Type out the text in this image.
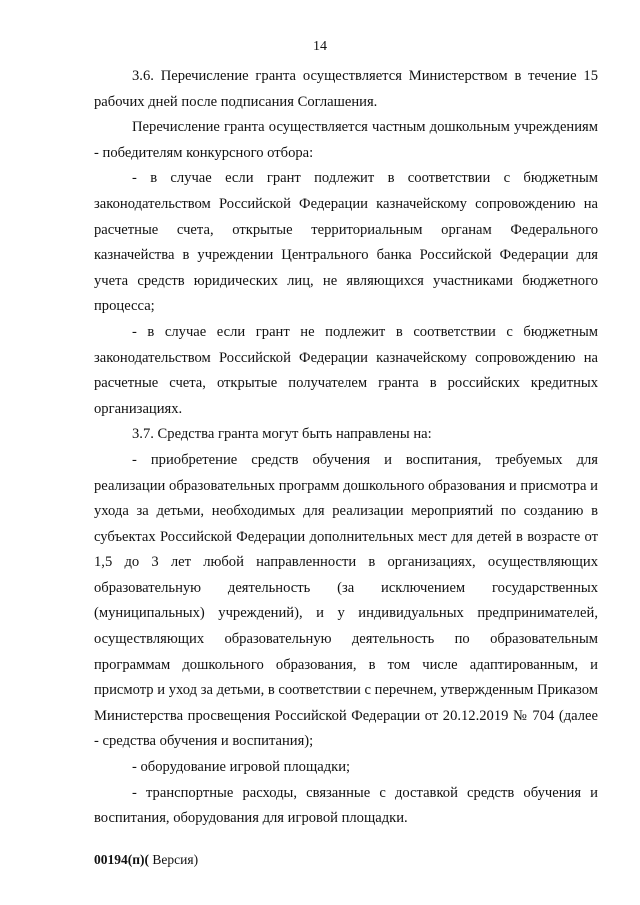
14

3.6. Перечисление гранта осуществляется Министерством в течение 15 рабочих дней после подписания Соглашения.

Перечисление гранта осуществляется частным дошкольным учреждениям - победителям конкурсного отбора:

- в случае если грант подлежит в соответствии с бюджетным законодательством Российской Федерации казначейскому сопровождению на расчетные счета, открытые территориальным органам Федерального казначейства в учреждении Центрального банка Российской Федерации для учета средств юридических лиц, не являющихся участниками бюджетного процесса;

- в случае если грант не подлежит в соответствии с бюджетным законодательством Российской Федерации казначейскому сопровождению на расчетные счета, открытые получателем гранта в российских кредитных организациях.

3.7. Средства гранта могут быть направлены на:

- приобретение средств обучения и воспитания, требуемых для реализации образовательных программ дошкольного образования и присмотра и ухода за детьми, необходимых для реализации мероприятий по созданию в субъектах Российской Федерации дополнительных мест для детей в возрасте от 1,5 до 3 лет любой направленности в организациях, осуществляющих образовательную деятельность (за исключением государственных (муниципальных) учреждений), и у индивидуальных предпринимателей, осуществляющих образовательную деятельность по образовательным программам дошкольного образования, в том числе адаптированным, и присмотр и уход за детьми, в соответствии с перечнем, утвержденным Приказом Министерства просвещения Российской Федерации от 20.12.2019 № 704 (далее - средства обучения и воспитания);

- оборудование игровой площадки;

- транспортные расходы, связанные с доставкой средств обучения и воспитания, оборудования для игровой площадки.

00194(п)( Версия)
